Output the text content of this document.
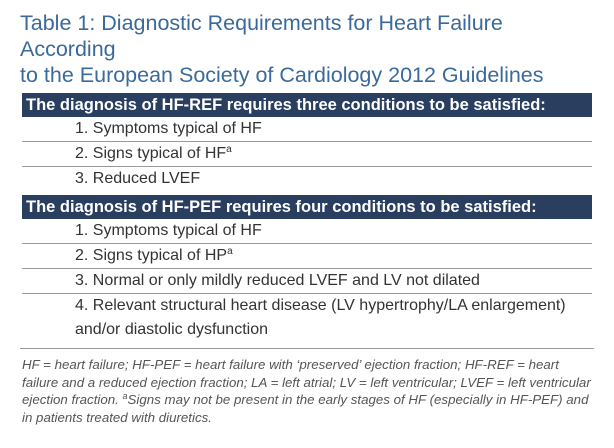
Table 1: Diagnostic Requirements for Heart Failure According
to the European Society of Cardiology 2012 Guidelines
The diagnosis of HF-REF requires three conditions to be satisfied:
1. Symptoms typical of HF
2. Signs typical of $HF^a$
3. Reduced LVEF
The diagnosis of HF-PEF requires four conditions to be satisfied:
1. Symptoms typical of HF
2. Signs typical of $HP^a$
3. Normal or only mildly reduced LVEF and LV not dilated
4. Relevant structural heart disease (LV hypertrophy/LA enlargement) and/or diastolic dysfunction

HF = heart failure; HF-PEF = heart failure with ‘preserved’ ejection fraction; HF-REF = heart failure and a reduced ejection fraction; LA = left atrial; LV = left ventricular; LVEF = left ventricular ejection fraction. $^a$Signs may not be present in the early stages of HF (especially in HF-PEF) and in patients treated with diuretics.
